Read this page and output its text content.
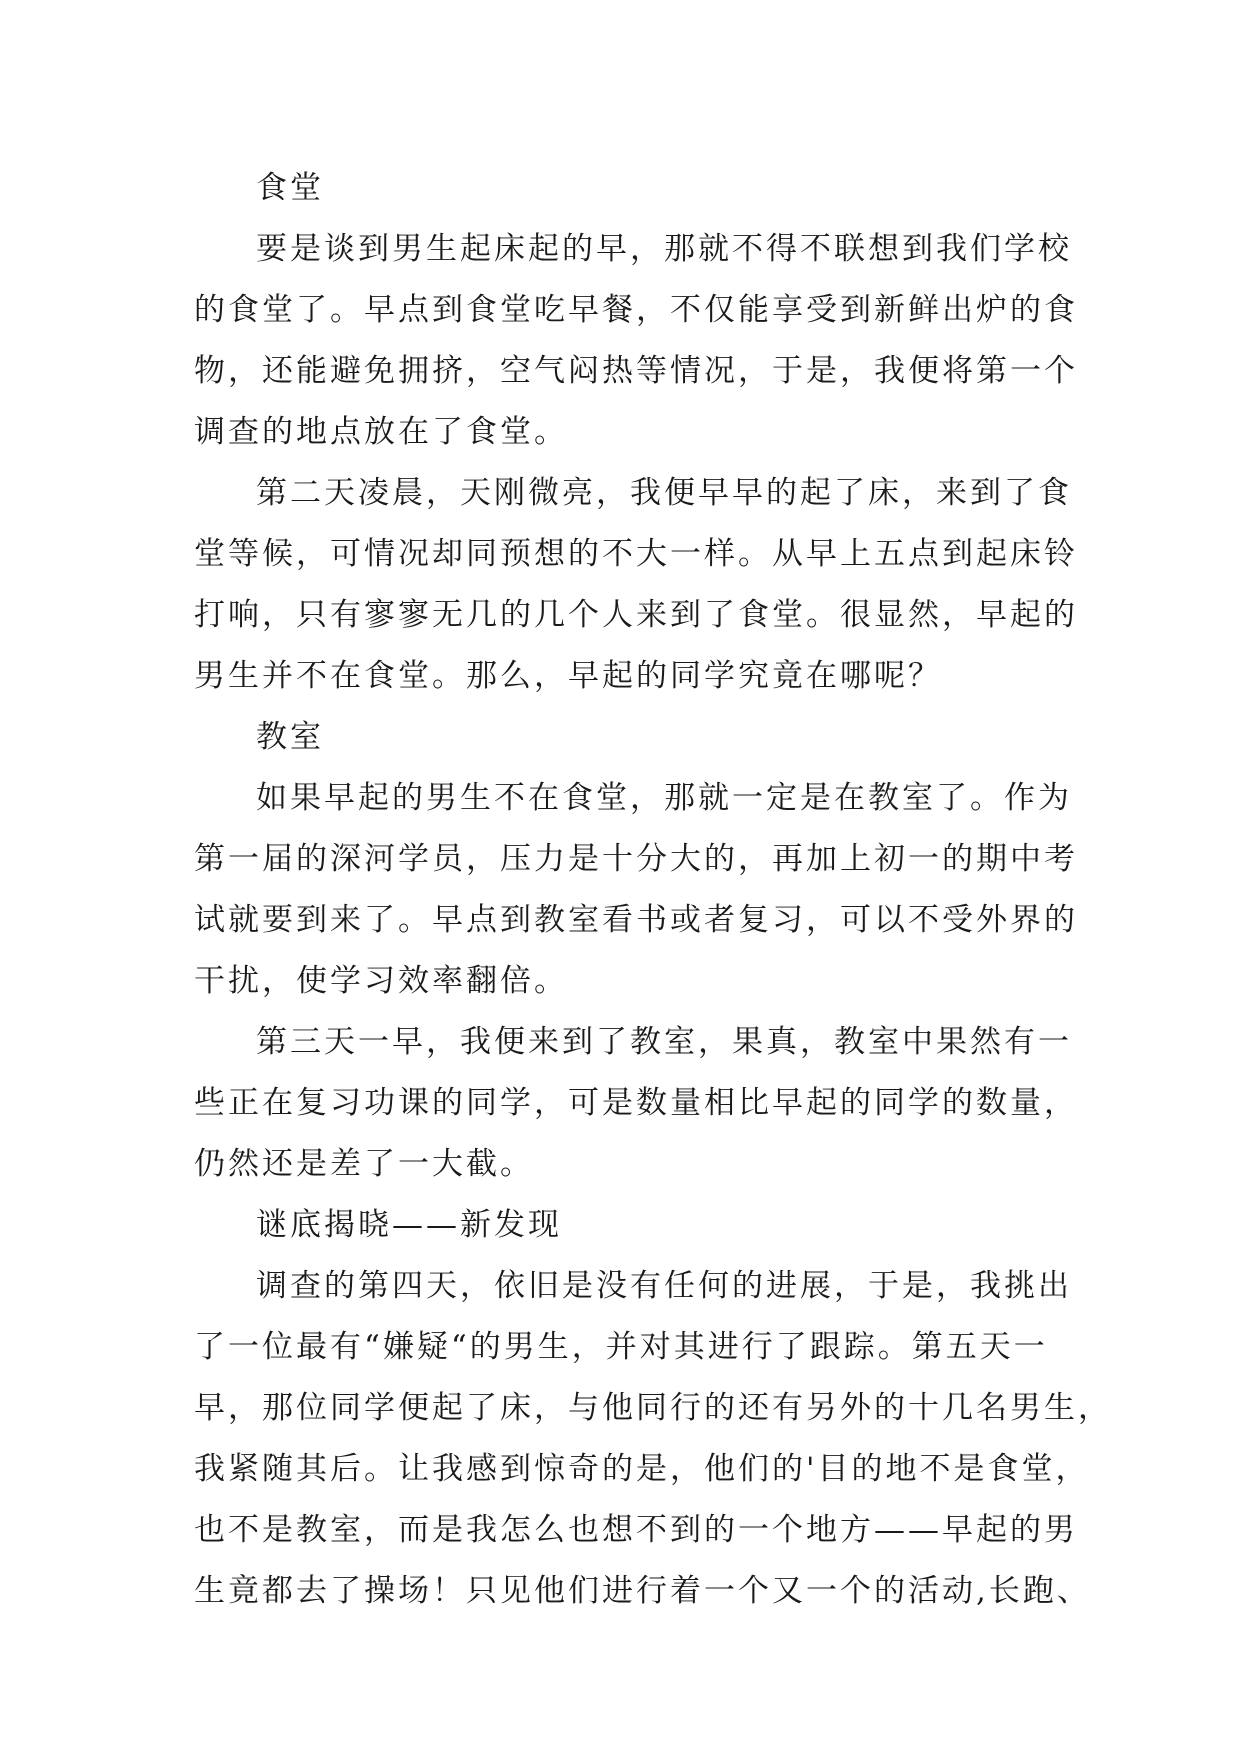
食堂
要是谈到男生起床起的早，那就不得不联想到我们学校
的食堂了。早点到食堂吃早餐，不仅能享受到新鲜出炉的食
物，还能避免拥挤，空气闷热等情况，于是，我便将第一个
调查的地点放在了食堂。
第二天凌晨，天刚微亮，我便早早的起了床，来到了食
堂等候，可情况却同预想的不大一样。从早上五点到起床铃
打响，只有寥寥无几的几个人来到了食堂。很显然，早起的
男生并不在食堂。那么，早起的同学究竟在哪呢？
教室
如果早起的男生不在食堂，那就一定是在教室了。作为
第一届的深河学员，压力是十分大的，再加上初一的期中考
试就要到来了。早点到教室看书或者复习，可以不受外界的
干扰，使学习效率翻倍。
第三天一早，我便来到了教室，果真，教室中果然有一
些正在复习功课的同学，可是数量相比早起的同学的数量，
仍然还是差了一大截。
谜底揭晓——新发现
调查的第四天，依旧是没有任何的进展，于是，我挑出
了一位最有“嫌疑“的男生，并对其进行了跟踪。第五天一
早，那位同学便起了床，与他同行的还有另外的十几名男生，
我紧随其后。让我感到惊奇的是，他们的'目的地不是食堂，
也不是教室，而是我怎么也想不到的一个地方——早起的男
生竟都去了操场！只见他们进行着一个又一个的活动,长跑、
